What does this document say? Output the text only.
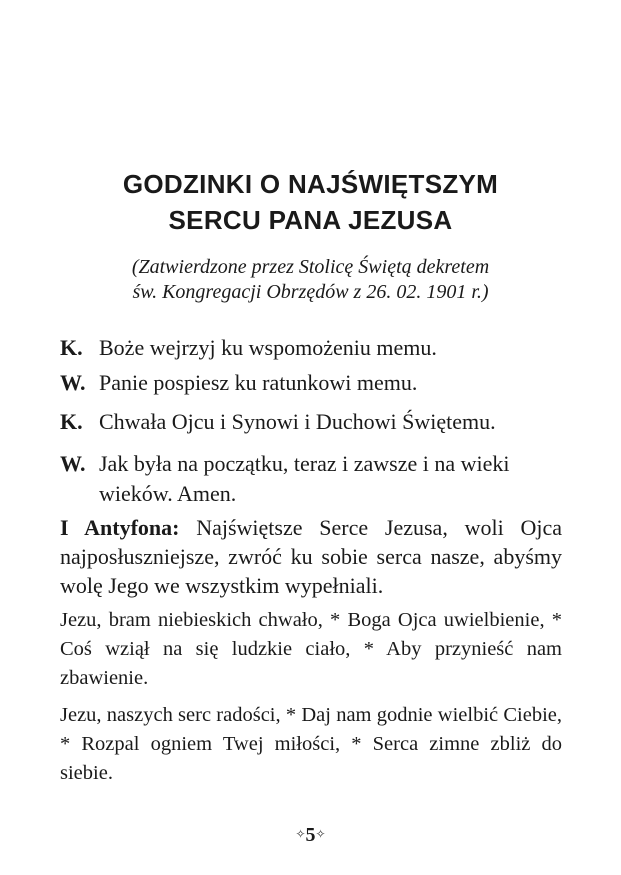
GODZINKI O NAJŚWIĘTSZYM
SERCU PANA JEZUSA
(Zatwierdzone przez Stolicę Świętą dekretem
św. Kongregacji Obrzędów z 26. 02. 1901 r.)
K. Boże wejrzyj ku wspomożeniu memu.
W. Panie pospiesz ku ratunkowi memu.
K. Chwała Ojcu i Synowi i Duchowi Świętemu.
W. Jak była na początku, teraz i zawsze i na wieki wieków. Amen.
I Antyfona: Najświętsze Serce Jezusa, woli Ojca najposłuszniejsze, zwróć ku sobie serca nasze, abyśmy wolę Jego we wszystkim wypełniali.
Jezu, bram niebieskich chwało, * Boga Ojca uwielbienie, * Coś wziął na się ludzkie ciało, * Aby przynieść nam zbawienie.
Jezu, naszych serc radości, * Daj nam godnie wielbić Ciebie, * Rozpal ogniem Twej miłości, * Serca zimne zbliż do siebie.
✧5✧
